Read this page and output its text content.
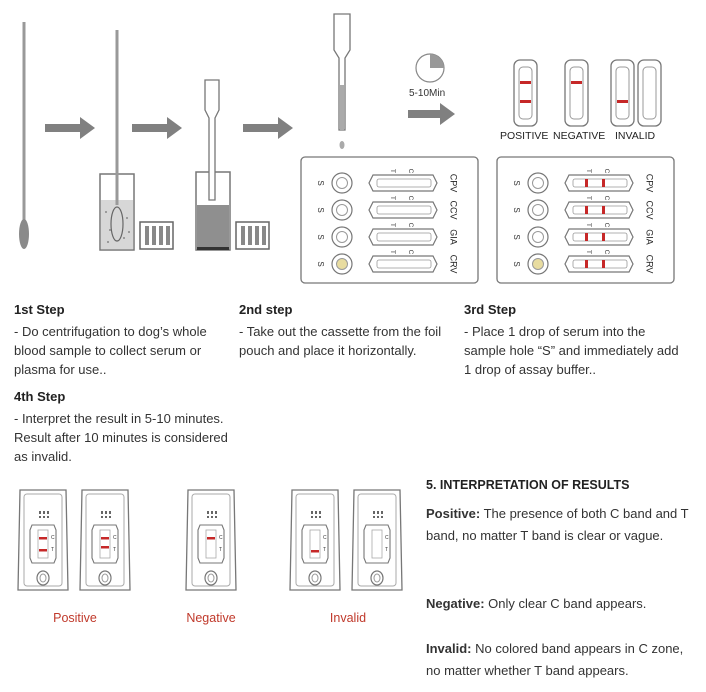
5-10Min
POSITIVE NEGATIVE INVALID
S
T C
CPV
S
T C
CCV
S
T C
GIA
S
T C
CRV
S
T C
CPV
S
T C
CCV
S
T C
GIA
S
T C
CRV
1st Step
- Do centrifugation to dog’s whole blood sample to collect serum or plasma for use..
2nd step
- Take out the cassette from the foil pouch and place it horizontally.
3rd Step
- Place 1 drop of serum into the sample hole “S” and immediately add 1 drop of assay buffer..
4th Step
- Interpret the result in 5-10 minutes. Result after 10 minutes is considered as invalid.
C
T
C
T
C
T
C
T
C
T
Positive	Negative	Invalid
5. INTERPRETATION OF RESULTS
Positive: The presence of both C band and T band, no matter T band is clear or vague.
Negative: Only clear C band appears.
Invalid: No colored band appears in C zone, no matter whether T band appears.
